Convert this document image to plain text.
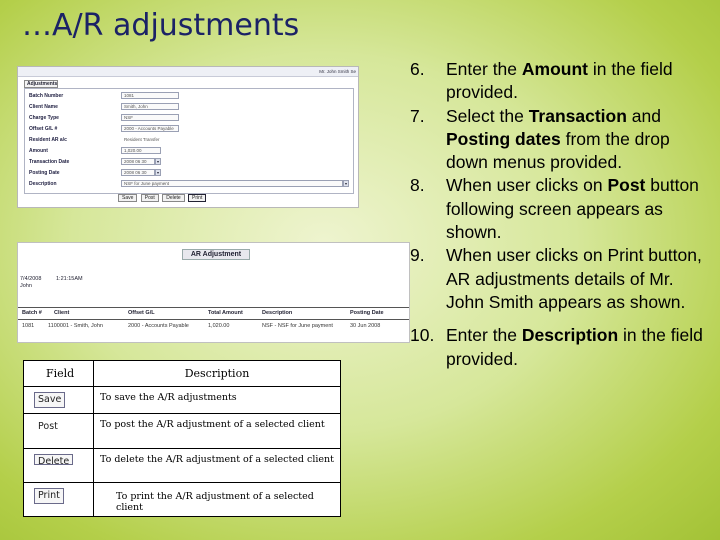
…A/R adjustments
Mr. John Smith Se
Adjustments
Batch Number	1081
Client Name	Smith, John
Charge Type	NSF
Offset G/L #	2000 - Accounts Payable
Resident AR a/c	Resident Transfer
Amount	1,020.00
Transaction Date	2008 06 30	▾
Posting Date	2008 06 30	▾
Description	NSF for June payment	▾
Save Post Delete Print
AR Adjustment
7/4/2008	1:21:15AM
John
Batch # Client	Offset G/L	Total Amount	Description	Posting Date
1081	1100001 - Smith, John	2000 - Accounts Payable	1,020.00	NSF - NSF for June payment	30 Jun 2008
Field	Description
Save	To save the A/R adjustments

Post	To post the A/R adjustment of a selected client

Delete	To delete the A/R adjustment of a selected client

Print	To print the A/R adjustment of a selected client
6. Enter the Amount in the field provided.
7. Select the Transaction and Posting dates from the drop down menus provided.
8. When user clicks on Post button following screen appears as shown.
9. When user clicks on Print button, AR adjustments details of Mr. John Smith appears as shown.
10. Enter the Description in the field provided.
